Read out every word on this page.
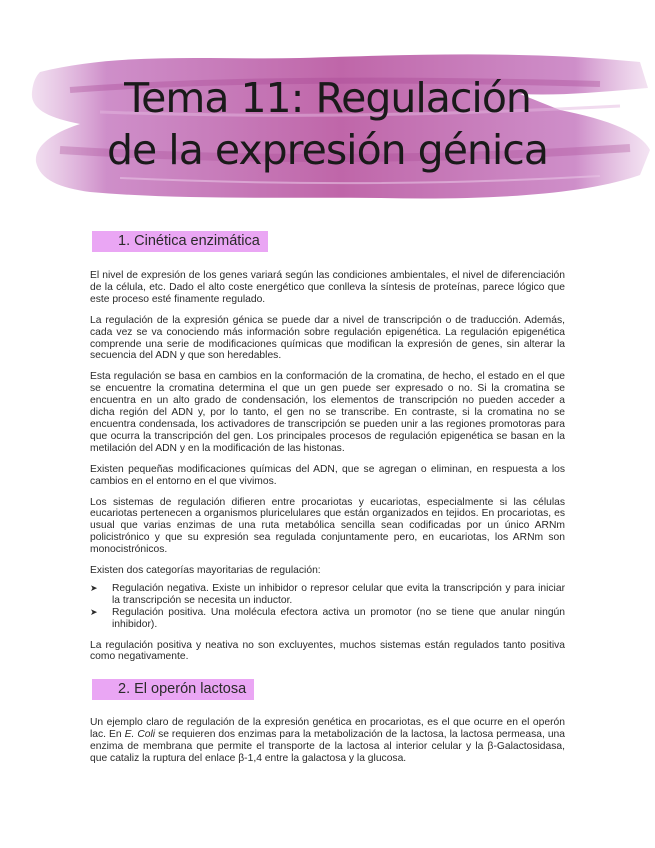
Tema 11: Regulación
de la expresión génica
1. Cinética enzimática

El nivel de expresión de los genes variará según las condiciones ambientales, el nivel de diferenciación de la célula, etc. Dado el alto coste energético que conlleva la síntesis de proteínas, parece lógico que este proceso esté finamente regulado.

La regulación de la expresión génica se puede dar a nivel de transcripción o de traducción. Además, cada vez se va conociendo más información sobre regulación epigenética. La regulación epigenética comprende una serie de modificaciones químicas que modifican la expresión de genes, sin alterar la secuencia del ADN y que son heredables.

Esta regulación se basa en cambios en la conformación de la cromatina, de hecho, el estado en el que se encuentre la cromatina determina el que un gen puede ser expresado o no. Si la cromatina se encuentra en un alto grado de condensación, los elementos de transcripción no pueden acceder a dicha región del ADN y, por lo tanto, el gen no se transcribe. En contraste, si la cromatina no se encuentra condensada, los activadores de transcripción se pueden unir a las regiones promotoras para que ocurra la transcripción del gen. Los principales procesos de regulación epigenética se basan en la metilación del ADN y en la modificación de las histonas.

Existen pequeñas modificaciones químicas del ADN, que se agregan o eliminan, en respuesta a los cambios en el entorno en el que vivimos.

Los sistemas de regulación difieren entre procariotas y eucariotas, especialmente si las células eucariotas pertenecen a organismos pluricelulares que están organizados en tejidos. En procariotas, es usual que varias enzimas de una ruta metabólica sencilla sean codificadas por un único ARNm policistrónico y que su expresión sea regulada conjuntamente pero, en eucariotas, los ARNm son monocistrónicos.

Existen dos categorías mayoritarias de regulación:

➤ Regulación negativa. Existe un inhibidor o represor celular que evita la transcripción y para iniciar la transcripción se necesita un inductor.
➤ Regulación positiva. Una molécula efectora activa un promotor (no se tiene que anular ningún inhibidor).

La regulación positiva y neativa no son excluyentes, muchos sistemas están regulados tanto positiva como negativamente.

2. El operón lactosa

Un ejemplo claro de regulación de la expresión genética en procariotas, es el que ocurre en el operón lac. En E. Coli se requieren dos enzimas para la metabolización de la lactosa, la lactosa permeasa, una enzima de membrana que permite el transporte de la lactosa al interior celular y la β-Galactosidasa, que cataliz la ruptura del enlace β-1,4 entre la galactosa y la glucosa.
